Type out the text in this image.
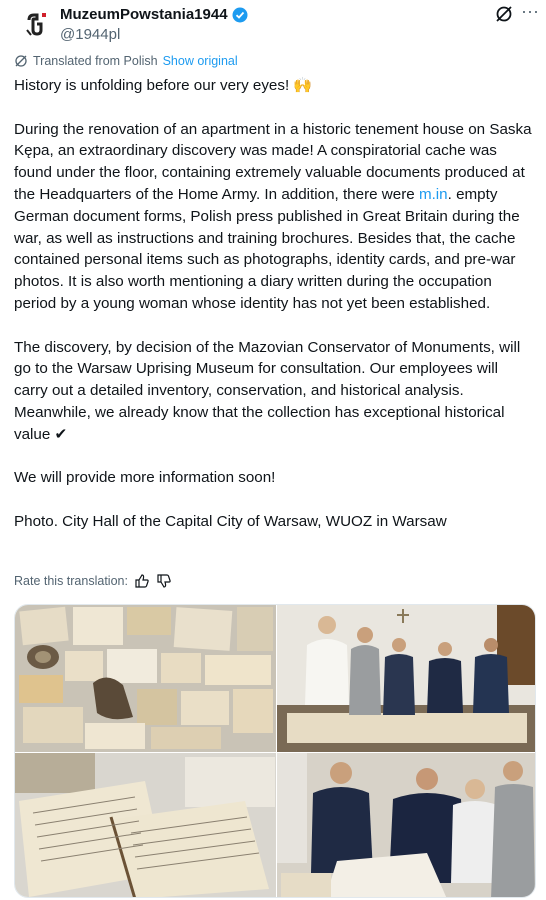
MuzeumPowstania1944
@1944pl
···
Translated from Polish Show original
History is unfolding before our very eyes! 🙌

During the renovation of an apartment in a historic tenement house on Saska Kępa, an extraordinary discovery was made! A conspiratorial cache was found under the floor, containing extremely valuable documents produced at the Headquarters of the Home Army. In addition, there were m.in. empty German document forms, Polish press published in Great Britain during the war, as well as instructions and training brochures. Besides that, the cache contained personal items such as photographs, identity cards, and pre-war photos. It is also worth mentioning a diary written during the occupation period by a young woman whose identity has not yet been established.

The discovery, by decision of the Mazovian Conservator of Monuments, will go to the Warsaw Uprising Museum for consultation. Our employees will carry out a detailed inventory, conservation, and historical analysis. Meanwhile, we already know that the collection has exceptional historical value ✔

We will provide more information soon!

Photo. City Hall of the Capital City of Warsaw, WUOZ in Warsaw
Rate this translation:
